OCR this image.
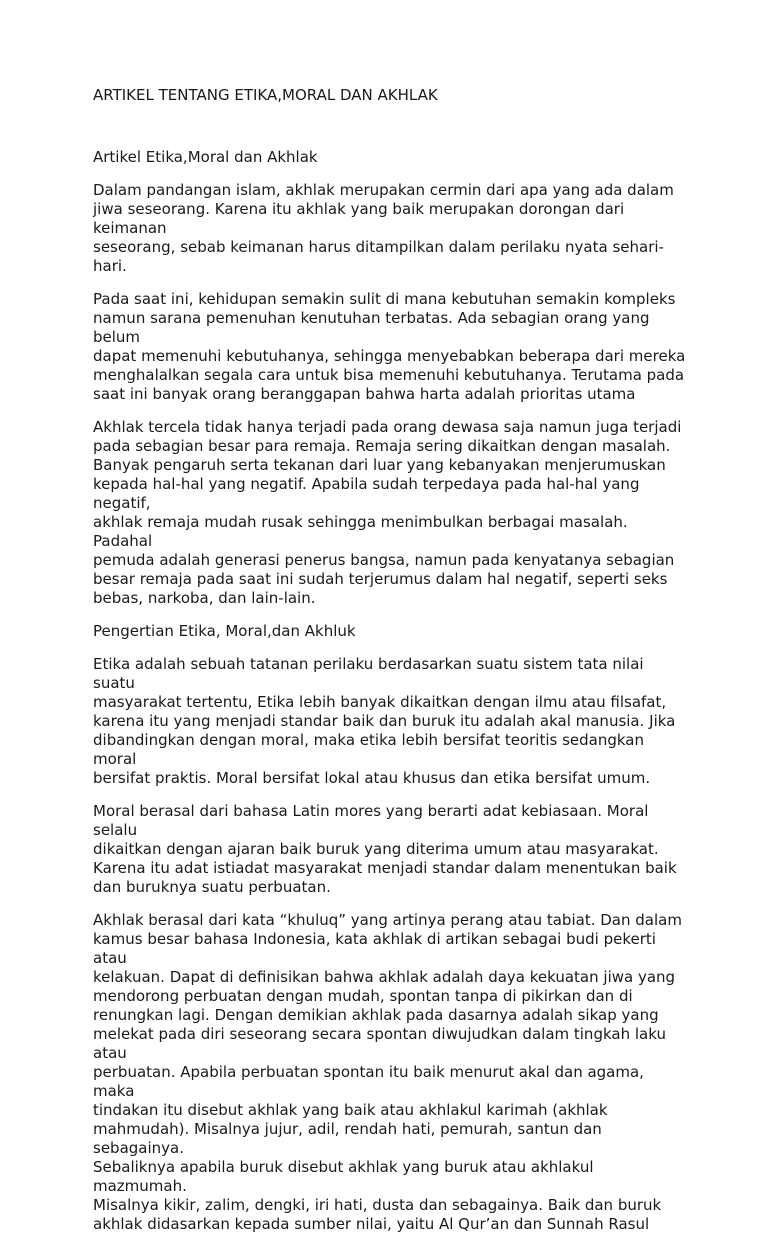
ARTIKEL TENTANG ETIKA,MORAL DAN AKHLAK
Artikel Etika,Moral dan Akhlak

Dalam pandangan islam, akhlak merupakan cermin dari apa yang ada dalam
jiwa seseorang. Karena itu akhlak yang baik merupakan dorongan dari keimanan
seseorang, sebab keimanan harus ditampilkan dalam perilaku nyata sehari-hari.

Pada saat ini, kehidupan semakin sulit di mana kebutuhan semakin kompleks
namun sarana pemenuhan kenutuhan terbatas. Ada sebagian orang yang belum
dapat memenuhi kebutuhanya, sehingga menyebabkan beberapa dari mereka
menghalalkan segala cara untuk bisa memenuhi kebutuhanya. Terutama pada
saat ini banyak orang beranggapan bahwa harta adalah prioritas utama

Akhlak tercela tidak hanya terjadi pada orang dewasa saja namun juga terjadi
pada sebagian besar para remaja. Remaja sering dikaitkan dengan masalah.
Banyak pengaruh serta tekanan dari luar yang kebanyakan menjerumuskan
kepada hal-hal yang negatif. Apabila sudah terpedaya pada hal-hal yang negatif,
akhlak remaja mudah rusak sehingga menimbulkan berbagai masalah. Padahal
pemuda adalah generasi penerus bangsa, namun pada kenyatanya sebagian
besar remaja pada saat ini sudah terjerumus dalam hal negatif, seperti seks
bebas, narkoba, dan lain-lain.

Pengertian Etika, Moral,dan Akhluk

Etika adalah sebuah tatanan perilaku berdasarkan suatu sistem tata nilai suatu
masyarakat tertentu, Etika lebih banyak dikaitkan dengan ilmu atau filsafat,
karena itu yang menjadi standar baik dan buruk itu adalah akal manusia. Jika
dibandingkan dengan moral, maka etika lebih bersifat teoritis sedangkan moral
bersifat praktis. Moral bersifat lokal atau khusus dan etika bersifat umum.

Moral berasal dari bahasa Latin mores yang berarti adat kebiasaan. Moral selalu
dikaitkan dengan ajaran baik buruk yang diterima umum atau masyarakat.
Karena itu adat istiadat masyarakat menjadi standar dalam menentukan baik
dan buruknya suatu perbuatan.

Akhlak berasal dari kata “khuluq” yang artinya perang atau tabiat. Dan dalam
kamus besar bahasa Indonesia, kata akhlak di artikan sebagai budi pekerti atau
kelakuan. Dapat di definisikan bahwa akhlak adalah daya kekuatan jiwa yang
mendorong perbuatan dengan mudah, spontan tanpa di pikirkan dan di
renungkan lagi. Dengan demikian akhlak pada dasarnya adalah sikap yang
melekat pada diri seseorang secara spontan diwujudkan dalam tingkah laku atau
perbuatan. Apabila perbuatan spontan itu baik menurut akal dan agama, maka
tindakan itu disebut akhlak yang baik atau akhlakul karimah (akhlak
mahmudah). Misalnya jujur, adil, rendah hati, pemurah, santun dan sebagainya.
Sebaliknya apabila buruk disebut akhlak yang buruk atau akhlakul mazmumah.
Misalnya kikir, zalim, dengki, iri hati, dusta dan sebagainya. Baik dan buruk
akhlak didasarkan kepada sumber nilai, yaitu Al Qur’an dan Sunnah Rasul
